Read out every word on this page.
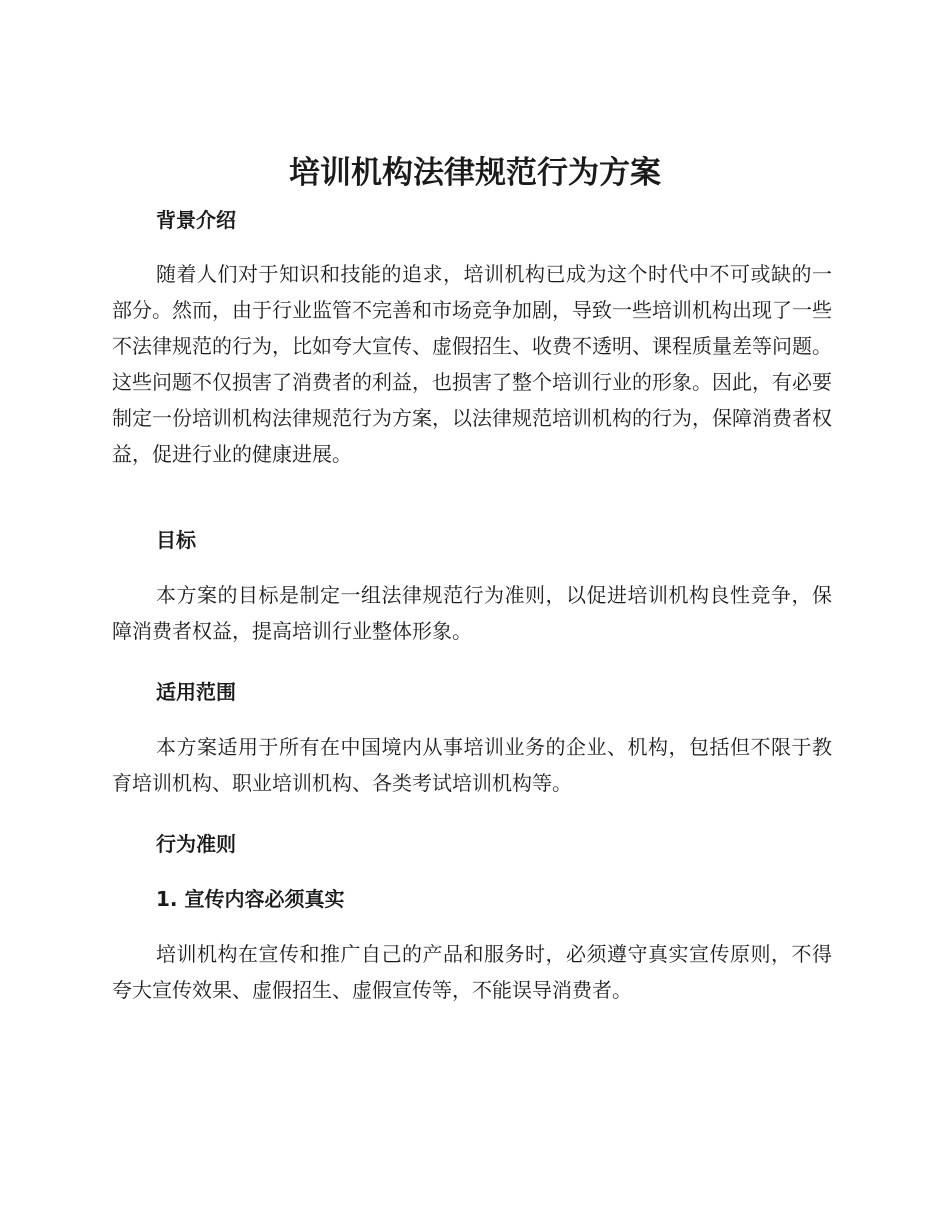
培训机构法律规范行为方案
背景介绍

随着人们对于知识和技能的追求，培训机构已成为这个时代中不可或缺的一部分。然而，由于行业监管不完善和市场竞争加剧，导致一些培训机构出现了一些不法律规范的行为，比如夸大宣传、虚假招生、收费不透明、课程质量差等问题。这些问题不仅损害了消费者的利益，也损害了整个培训行业的形象。因此，有必要制定一份培训机构法律规范行为方案，以法律规范培训机构的行为，保障消费者权益，促进行业的健康进展。

目标

本方案的目标是制定一组法律规范行为准则，以促进培训机构良性竞争，保障消费者权益，提高培训行业整体形象。

适用范围

本方案适用于所有在中国境内从事培训业务的企业、机构，包括但不限于教育培训机构、职业培训机构、各类考试培训机构等。

行为准则
1. 宣传内容必须真实

培训机构在宣传和推广自己的产品和服务时，必须遵守真实宣传原则，不得夸大宣传效果、虚假招生、虚假宣传等，不能误导消费者。
